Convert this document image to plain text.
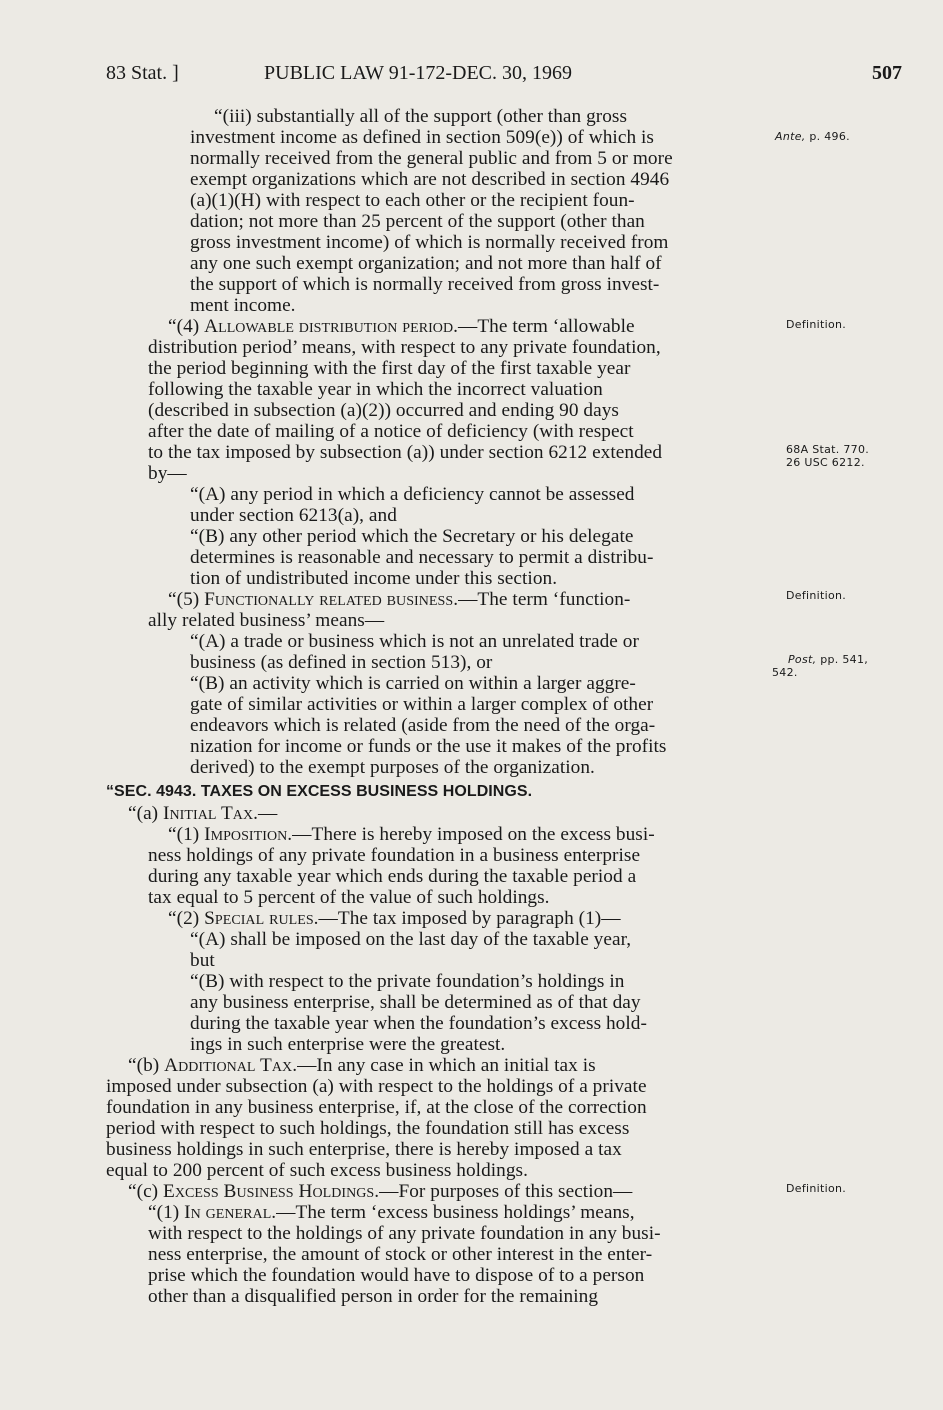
83 Stat. ]	PUBLIC LAW 91-172-DEC. 30, 1969	507
“(iii) substantially all of the support (other than gross
investment income as defined in section 509(e)) of which is
normally received from the general public and from 5 or more
exempt organizations which are not described in section 4946
(a)(1)(H) with respect to each other or the recipient foun-
dation; not more than 25 percent of the support (other than
gross investment income) of which is normally received from
any one such exempt organization; and not more than half of
the support of which is normally received from gross invest-
ment income.
“(4) Allowable distribution period.—The term ‘allowable
distribution period’ means, with respect to any private foundation,
the period beginning with the first day of the first taxable year
following the taxable year in which the incorrect valuation
(described in subsection (a)(2)) occurred and ending 90 days
after the date of mailing of a notice of deficiency (with respect
to the tax imposed by subsection (a)) under section 6212 extended
by—
“(A) any period in which a deficiency cannot be assessed
under section 6213(a), and
“(B) any other period which the Secretary or his delegate
determines is reasonable and necessary to permit a distribu-
tion of undistributed income under this section.
“(5) Functionally related business.—The term ‘function-
ally related business’ means—
“(A) a trade or business which is not an unrelated trade or
business (as defined in section 513), or
“(B) an activity which is carried on within a larger aggre-
gate of similar activities or within a larger complex of other
endeavors which is related (aside from the need of the orga-
nization for income or funds or the use it makes of the profits
derived) to the exempt purposes of the organization.
“SEC. 4943. TAXES ON EXCESS BUSINESS HOLDINGS.
“(a) Initial Tax.—
“(1) Imposition.—There is hereby imposed on the excess busi-
ness holdings of any private foundation in a business enterprise
during any taxable year which ends during the taxable period a
tax equal to 5 percent of the value of such holdings.
“(2) Special rules.—The tax imposed by paragraph (1)—
“(A) shall be imposed on the last day of the taxable year,
but
“(B) with respect to the private foundation’s holdings in
any business enterprise, shall be determined as of that day
during the taxable year when the foundation’s excess hold-
ings in such enterprise were the greatest.
“(b) Additional Tax.—In any case in which an initial tax is
imposed under subsection (a) with respect to the holdings of a private
foundation in any business enterprise, if, at the close of the correction
period with respect to such holdings, the foundation still has excess
business holdings in such enterprise, there is hereby imposed a tax
equal to 200 percent of such excess business holdings.
“(c) Excess Business Holdings.—For purposes of this section—
“(1) In general.—The term ‘excess business holdings’ means,
with respect to the holdings of any private foundation in any busi-
ness enterprise, the amount of stock or other interest in the enter-
prise which the foundation would have to dispose of to a person
other than a disqualified person in order for the remaining
Ante, p. 496.
Definition.
68A Stat. 770.
26 USC 6212.
Definition.
Post, pp. 541,
542.
Definition.
